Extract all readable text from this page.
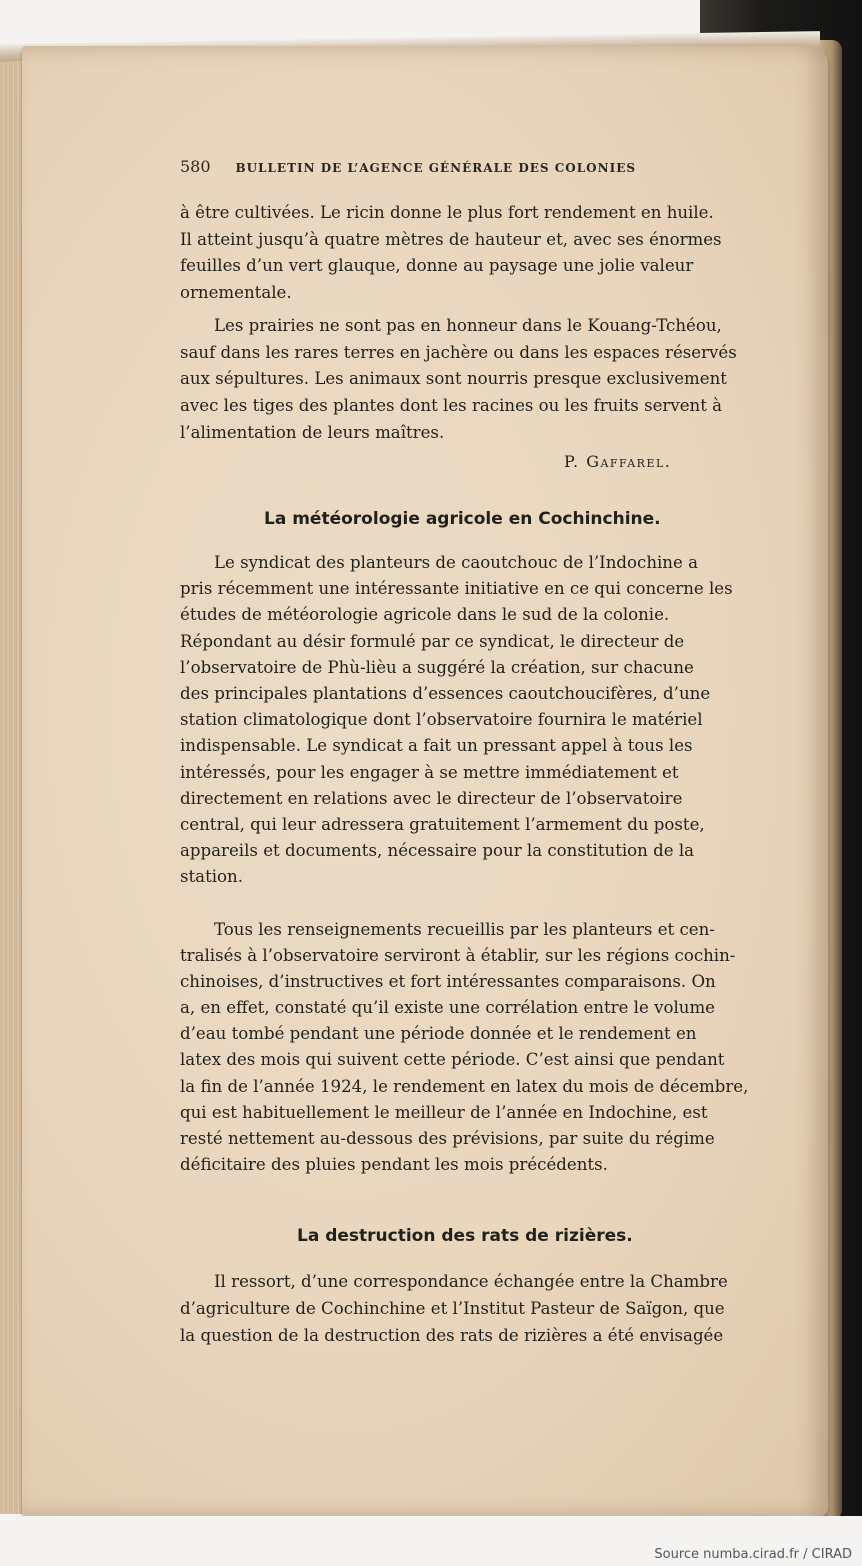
580 BULLETIN DE L’AGENCE GÉNÉRALE DES COLONIES

à être cultivées. Le ricin donne le plus fort rendement en huile.

Il atteint jusqu’à quatre mètres de hauteur et, avec ses énormes

feuilles d’un vert glauque, donne au paysage une jolie valeur

ornementale.

Les prairies ne sont pas en honneur dans le Kouang-Tchéou,

sauf dans les rares terres en jachère ou dans les espaces réservés

aux sépultures. Les animaux sont nourris presque exclusivement

avec les tiges des plantes dont les racines ou les fruits servent à

l’alimentation de leurs maîtres.

P. Gaffarel.
La météorologie agricole en Cochinchine.

Le syndicat des planteurs de caoutchouc de l’Indochine a

pris récemment une intéressante initiative en ce qui concerne les

études de météorologie agricole dans le sud de la colonie.

Répondant au désir formulé par ce syndicat, le directeur de

l’observatoire de Phù-lièu a suggéré la création, sur chacune

des principales plantations d’essences caoutchoucifères, d’une

station climatologique dont l’observatoire fournira le matériel

indispensable. Le syndicat a fait un pressant appel à tous les

intéressés, pour les engager à se mettre immédiatement et

directement en relations avec le directeur de l’observatoire

central, qui leur adressera gratuitement l’armement du poste,

appareils et documents, nécessaire pour la constitution de la

station.

Tous les renseignements recueillis par les planteurs et cen-

tralisés à l’observatoire serviront à établir, sur les régions cochin-

chinoises, d’instructives et fort intéressantes comparaisons. On

a, en effet, constaté qu’il existe une corrélation entre le volume

d’eau tombé pendant une période donnée et le rendement en

latex des mois qui suivent cette période. C’est ainsi que pendant

la fin de l’année 1924, le rendement en latex du mois de décembre,

qui est habituellement le meilleur de l’année en Indochine, est

resté nettement au-dessous des prévisions, par suite du régime

déficitaire des pluies pendant les mois précédents.

La destruction des rats de rizières.

Il ressort, d’une correspondance échangée entre la Chambre

d’agriculture de Cochinchine et l’Institut Pasteur de Saïgon, que

la question de la destruction des rats de rizières a été envisagée

Source numba.cirad.fr / CIRAD
